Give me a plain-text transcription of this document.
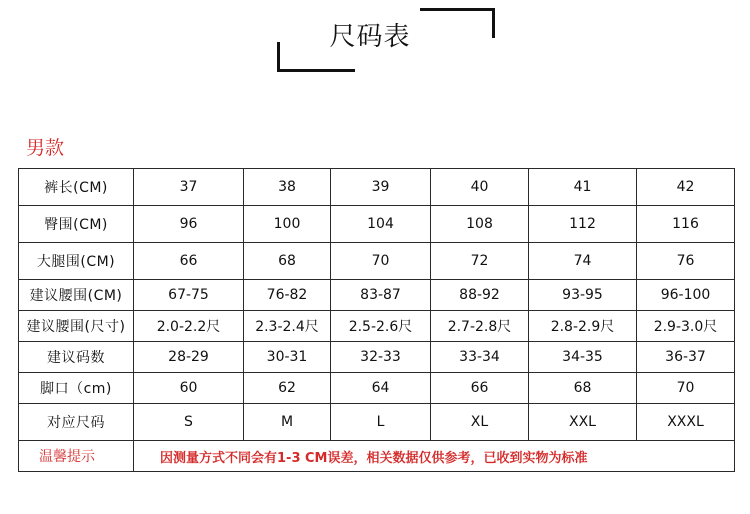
尺码表
男款
裤长(CM)	37	38	39	40	41	42
臀围(CM)	96	100	104	108	112	116
大腿围(CM)	66	68	70	72	74	76
建议腰围(CM)	67-75	76-82	83-87	88-92	93-95	96-100
建议腰围(尺寸)	2.0-2.2尺	2.3-2.4尺	2.5-2.6尺	2.7-2.8尺	2.8-2.9尺	2.9-3.0尺
建议码数	28-29	30-31	32-33	33-34	34-35	36-37
脚口（cm)	60	62	64	66	68	70
对应尺码	S	M	L	XL	XXL	XXXL
温馨提示	因测量方式不同会有1-3 CM误差，相关数据仅供参考，已收到实物为标准					
